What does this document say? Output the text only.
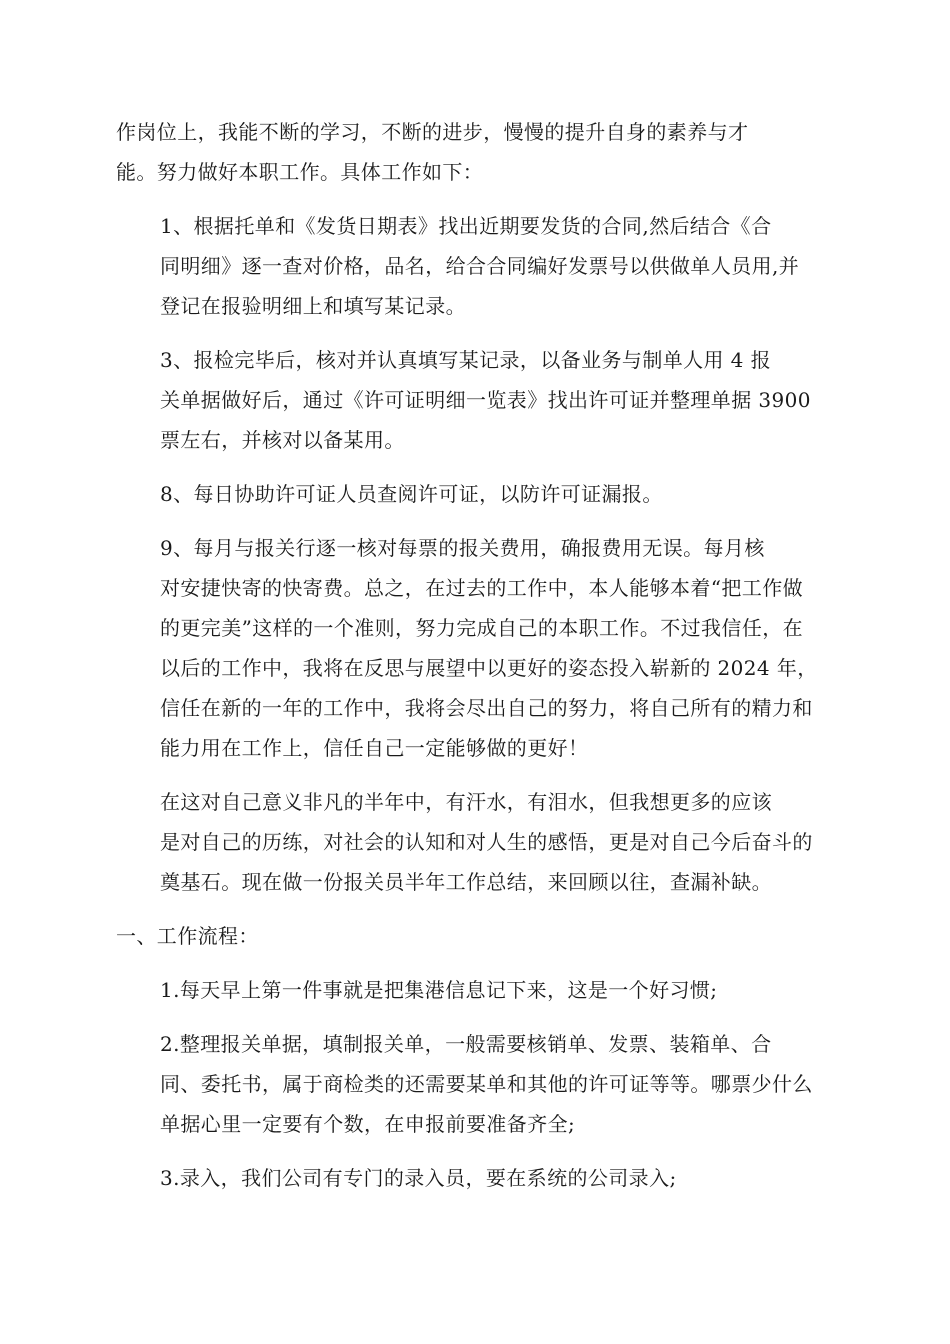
作岗位上，我能不断的学习，不断的进步，慢慢的提升自身的素养与才
能。努力做好本职工作。具体工作如下：

1、根据托单和《发货日期表》找出近期要发货的合同,然后结合《合
同明细》逐一查对价格，品名，给合合同编好发票号以供做单人员用,并
登记在报验明细上和填写某记录。

3、报检完毕后，核对并认真填写某记录，以备业务与制单人用 4 报
关单据做好后，通过《许可证明细一览表》找出许可证并整理单据 3900
票左右，并核对以备某用。

8、每日协助许可证人员查阅许可证，以防许可证漏报。

9、每月与报关行逐一核对每票的报关费用，确报费用无误。每月核
对安捷快寄的快寄费。总之，在过去的工作中，本人能够本着“把工作做
的更完美”这样的一个准则，努力完成自己的本职工作。不过我信任，在
以后的工作中，我将在反思与展望中以更好的姿态投入崭新的 2024 年，
信任在新的一年的工作中，我将会尽出自己的努力，将自己所有的精力和
能力用在工作上，信任自己一定能够做的更好！

在这对自己意义非凡的半年中，有汗水，有泪水，但我想更多的应该
是对自己的历练，对社会的认知和对人生的感悟，更是对自己今后奋斗的
奠基石。现在做一份报关员半年工作总结，来回顾以往，查漏补缺。

一、工作流程：

1.每天早上第一件事就是把集港信息记下来，这是一个好习惯;

2.整理报关单据，填制报关单，一般需要核销单、发票、装箱单、合
同、委托书，属于商检类的还需要某单和其他的许可证等等。哪票少什么
单据心里一定要有个数，在申报前要准备齐全;

3.录入，我们公司有专门的录入员，要在系统的公司录入;
